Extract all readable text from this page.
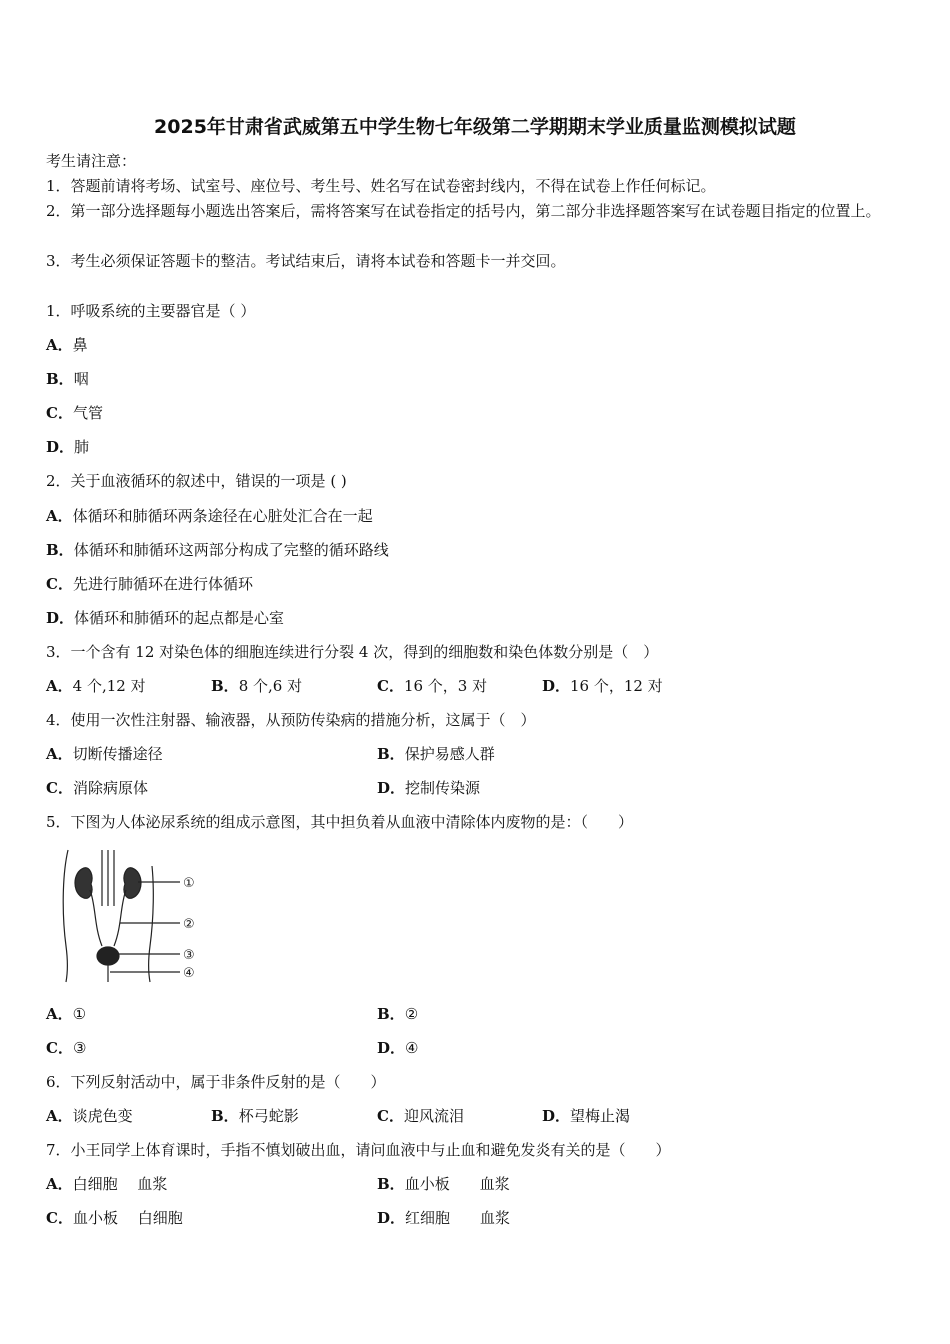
2025年甘肃省武威第五中学生物七年级第二学期期末学业质量监测模拟试题
考生请注意：
1．答题前请将考场、试室号、座位号、考生号、姓名写在试卷密封线内，不得在试卷上作任何标记。
2．第一部分选择题每小题选出答案后，需将答案写在试卷指定的括号内，第二部分非选择题答案写在试卷题目指定的位置上。
3．考生必须保证答题卡的整洁。考试结束后，请将本试卷和答题卡一并交回。
1．呼吸系统的主要器官是（ ）
A．鼻
B．咽
C．气管
D．肺
2．关于血液循环的叙述中，错误的一项是 ( )
A．体循环和肺循环两条途径在心脏处汇合在一起
B．体循环和肺循环这两部分构成了完整的循环路线
C．先进行肺循环在进行体循环
D．体循环和肺循环的起点都是心室
3．一个含有 12 对染色体的细胞连续进行分裂 4 次，得到的细胞数和染色体数分别是（　）
A．4 个,12 对	B．8 个,6 对	C．16 个，3 对	D．16 个，12 对
4．使用一次性注射器、输液器，从预防传染病的措施分析，这属于（　）
A．切断传播途径	B．保护易感人群
C．消除病原体	D．挖制传染源
5．下图为人体泌尿系统的组成示意图，其中担负着从血液中清除体内废物的是：（　　）
①
②
③
④
A．①	B．②
C．③	D．④
6．下列反射活动中，属于非条件反射的是（　　）
A．谈虎色变	B．杯弓蛇影	C．迎风流泪	D．望梅止渴
7．小王同学上体育课时，手指不慎划破出血，请问血液中与止血和避免发炎有关的是（　　）
A．白细胞　 血浆	B．血小板　　血浆
C．血小板　 白细胞	D．红细胞　　血浆
